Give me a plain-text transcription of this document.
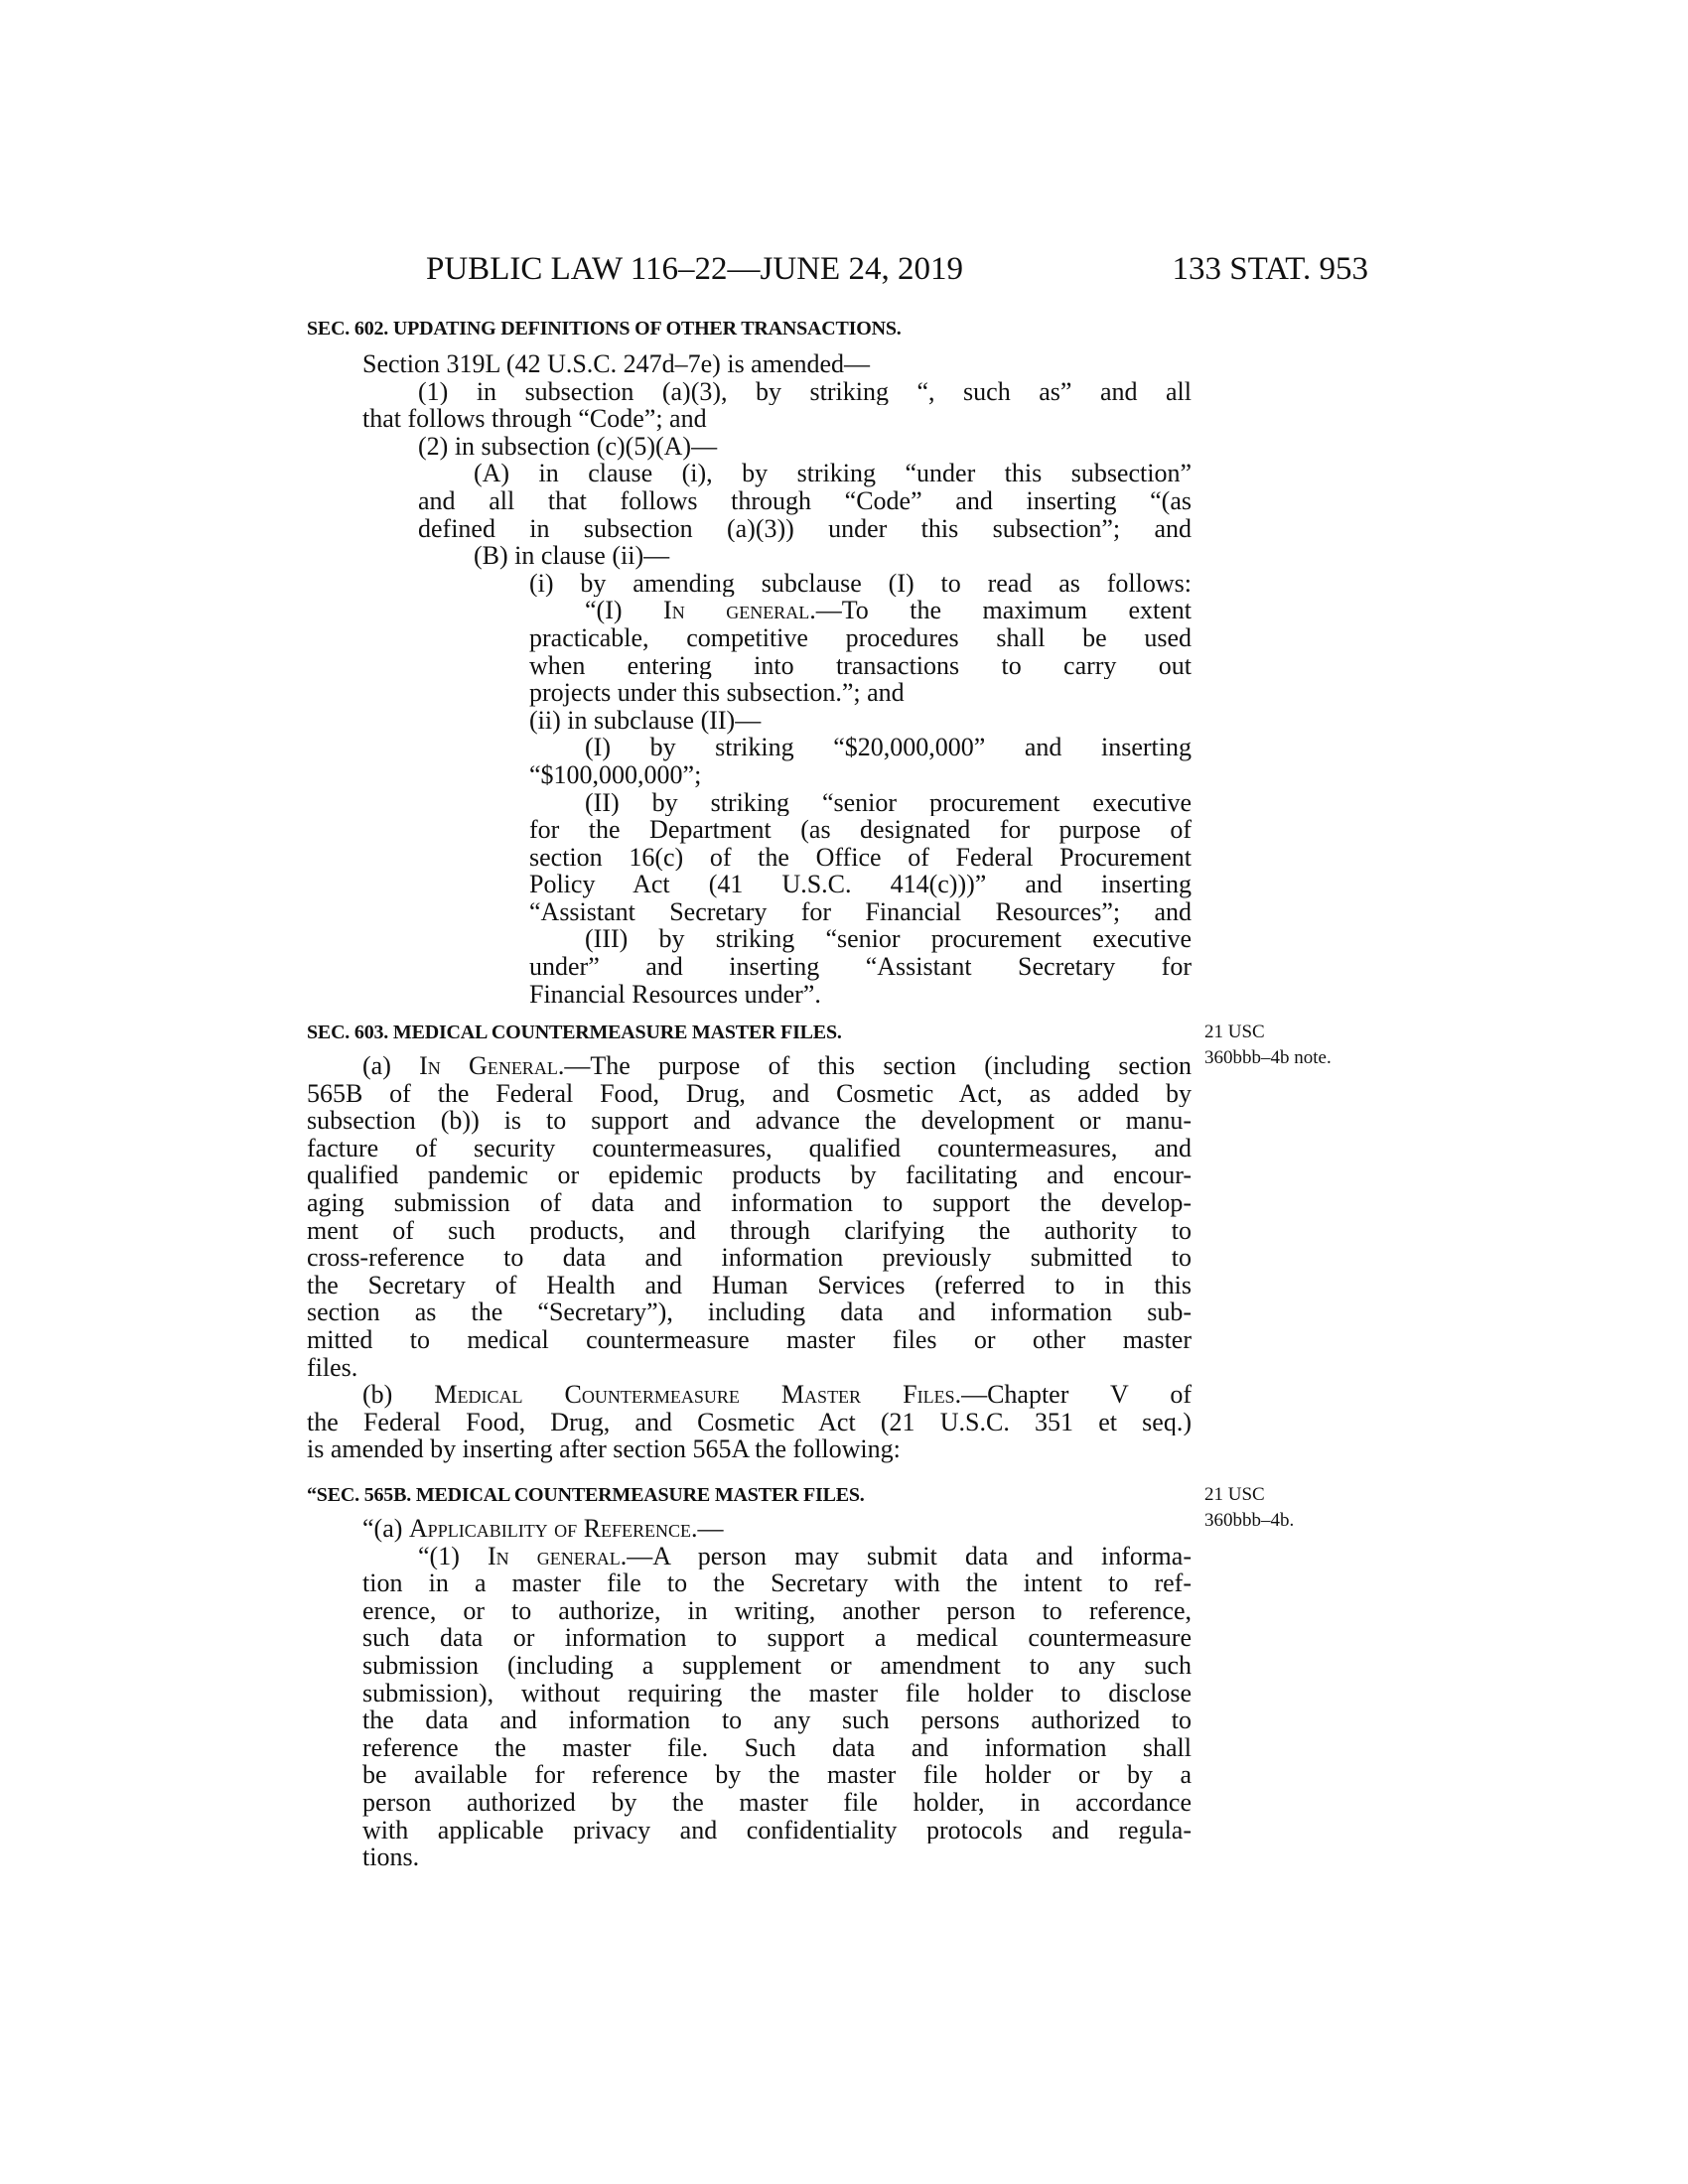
PUBLIC LAW 116–22—JUNE 24, 2019	133 STAT. 953
SEC. 602. UPDATING DEFINITIONS OF OTHER TRANSACTIONS.
Section 319L (42 U.S.C. 247d–7e) is amended—
(1) in subsection (a)(3), by striking “, such as” and all
that follows through “Code”; and
(2) in subsection (c)(5)(A)—
(A) in clause (i), by striking “under this subsection”
and all that follows through “Code” and inserting “(as
defined in subsection (a)(3)) under this subsection”; and
(B) in clause (ii)—
(i) by amending subclause (I) to read as follows:
“(I) In general.—To the maximum extent
practicable, competitive procedures shall be used
when entering into transactions to carry out
projects under this subsection.”; and
(ii) in subclause (II)—
(I) by striking “$20,000,000” and inserting
“$100,000,000”;
(II) by striking “senior procurement executive
for the Department (as designated for purpose of
section 16(c) of the Office of Federal Procurement
Policy Act (41 U.S.C. 414(c)))” and inserting
“Assistant Secretary for Financial Resources”; and
(III) by striking “senior procurement executive
under” and inserting “Assistant Secretary for
Financial Resources under”.
SEC. 603. MEDICAL COUNTERMEASURE MASTER FILES.	21 USC
360bbb–4b note.
(a) In General.—The purpose of this section (including section
565B of the Federal Food, Drug, and Cosmetic Act, as added by
subsection (b)) is to support and advance the development or manu-
facture of security countermeasures, qualified countermeasures, and
qualified pandemic or epidemic products by facilitating and encour-
aging submission of data and information to support the develop-
ment of such products, and through clarifying the authority to
cross-reference to data and information previously submitted to
the Secretary of Health and Human Services (referred to in this
section as the “Secretary”), including data and information sub-
mitted to medical countermeasure master files or other master
files.
(b) Medical Countermeasure Master Files.—Chapter V of
the Federal Food, Drug, and Cosmetic Act (21 U.S.C. 351 et seq.)
is amended by inserting after section 565A the following:
“SEC. 565B. MEDICAL COUNTERMEASURE MASTER FILES.	21 USC
360bbb–4b.
“(a) Applicability of Reference.—
“(1) In general.—A person may submit data and informa-
tion in a master file to the Secretary with the intent to ref-
erence, or to authorize, in writing, another person to reference,
such data or information to support a medical countermeasure
submission (including a supplement or amendment to any such
submission), without requiring the master file holder to disclose
the data and information to any such persons authorized to
reference the master file. Such data and information shall
be available for reference by the master file holder or by a
person authorized by the master file holder, in accordance
with applicable privacy and confidentiality protocols and regula-
tions.
